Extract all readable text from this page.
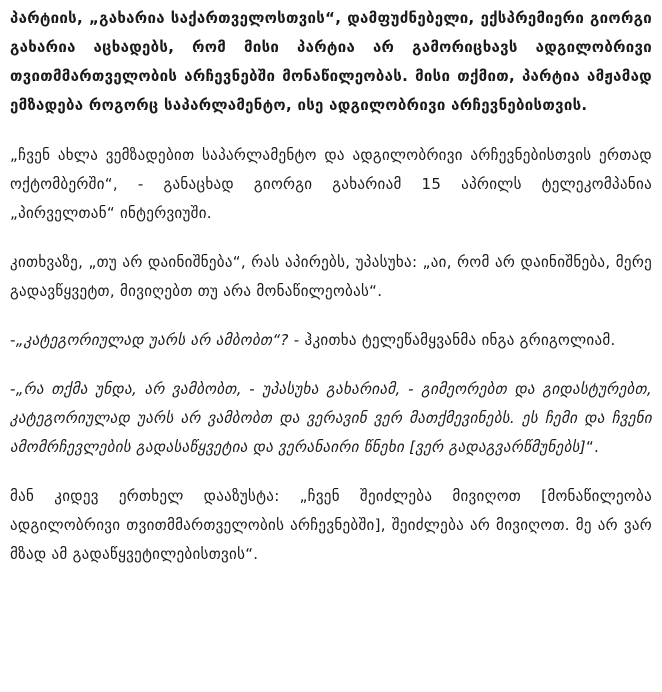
პარტიის, „გახარია საქართველოსთვის“, დამფუძნებელი, ექსპრემიერი გიორგი გახარია აცხადებს, რომ მისი პარტია არ გამორიცხავს ადგილობრივი თვითმმართველობის არჩევნებში მონაწილეობას. მისი თქმით, პარტია ამჟამად ემზადება როგორც საპარლამენტო, ისე ადგილობრივი არჩევნებისთვის.

„ჩვენ ახლა ვემზადებით საპარლამენტო და ადგილობრივი არჩევნებისთვის ერთად ოქტომბერში“, - განაცხად გიორგი გახარიამ 15 აპრილს ტელეკომპანია „პირველთან“ ინტერვიუში.

კითხვაზე, „თუ არ დაინიშნება“, რას აპირებს, უპასუხა: „აი, რომ არ დაინიშნება, მერე გადავწყვეტთ, მივიღებთ თუ არა მონაწილეობას“.

-„კატეგორიულად უარს არ ამბობთ“? - ჰკითხა ტელეწამყვანმა ინგა გრიგოლიამ.

-„რა თქმა უნდა, არ ვამბობთ, - უპასუხა გახარიამ, - გიმეორებთ და გიდასტურებთ, კატეგორიულად უარს არ ვამბობთ და ვერავინ ვერ მათქმევინებს. ეს ჩემი და ჩვენი ამომრჩევლების გადასაწყვეტია და ვერანაირი წნეხი [ვერ გადაგვარწმუნებს]“.

მან კიდევ ერთხელ დააზუსტა: „ჩვენ შეიძლება მივიღოთ [მონაწილეობა ადგილობრივი თვითმმართველობის არჩევნებში], შეიძლება არ მივიღოთ. მე არ ვარ მზად ამ გადაწყვეტილებისთვის“.
